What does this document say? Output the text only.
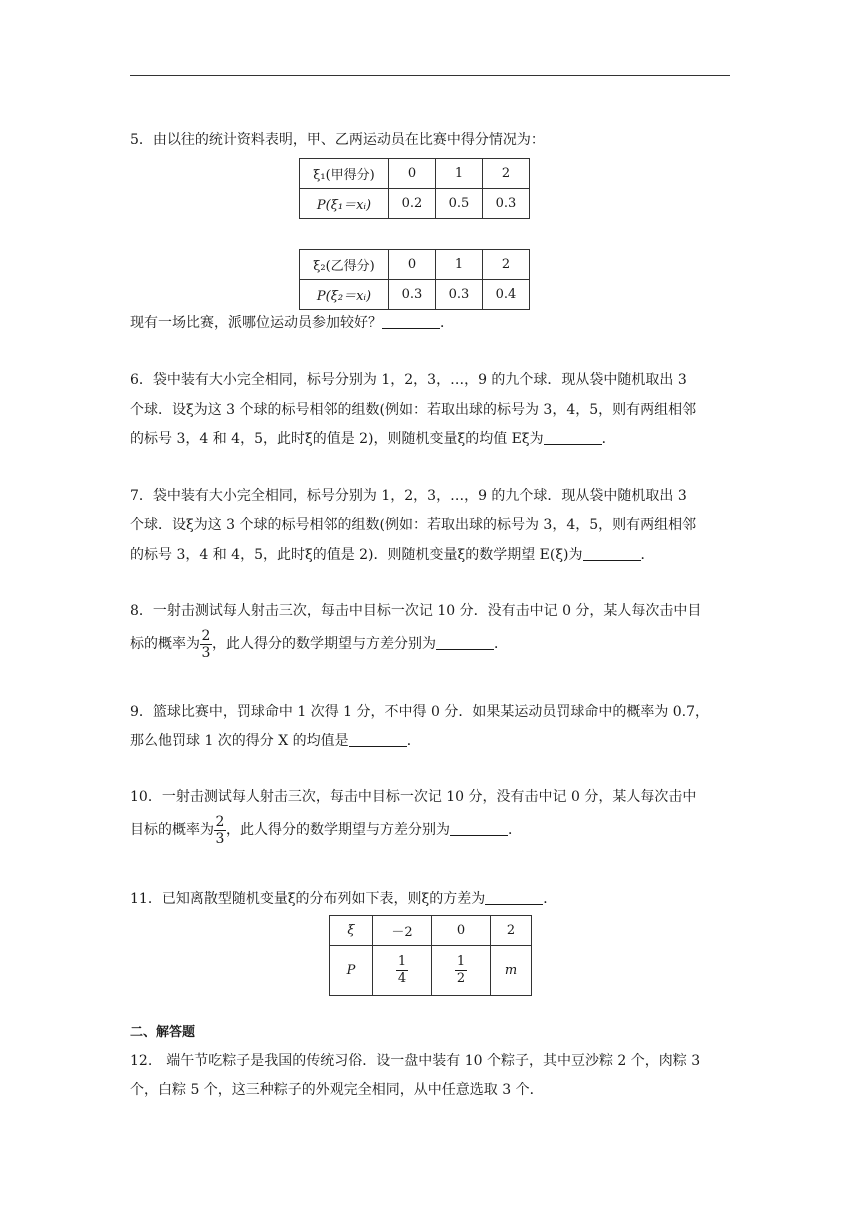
5．由以往的统计资料表明，甲、乙两运动员在比赛中得分情况为：
ξ₁(甲得分)	0	1	2
P(ξ₁＝xᵢ)	0.2	0.5	0.3
ξ₂(乙得分)	0	1	2
P(ξ₂＝xᵢ)	0.3	0.3	0.4
现有一场比赛，派哪位运动员参加较好？	．
6．袋中装有大小完全相同，标号分别为 1，2，3，…，9 的九个球．现从袋中随机取出 3
个球．设ξ为这 3 个球的标号相邻的组数(例如：若取出球的标号为 3，4，5，则有两组相邻
的标号 3，4 和 4，5，此时ξ的值是 2)，则随机变量ξ的均值 Eξ为	．
7．袋中装有大小完全相同，标号分别为 1，2，3，…，9 的九个球．现从袋中随机取出 3
个球．设ξ为这 3 个球的标号相邻的组数(例如：若取出球的标号为 3，4，5，则有两组相邻
的标号 3，4 和 4，5，此时ξ的值是 2)．则随机变量ξ的数学期望 E(ξ)为	．
8．一射击测试每人射击三次，每击中目标一次记 10 分．没有击中记 0 分，某人每次击中目
标的概率为 $\frac{2}{3}$ ，此人得分的数学期望与方差分别为	．
9．篮球比赛中，罚球命中 1 次得 1 分，不中得 0 分．如果某运动员罚球命中的概率为 0.7，
那么他罚球 1 次的得分 X 的均值是	．
10．一射击测试每人射击三次，每击中目标一次记 10 分，没有击中记 0 分，某人每次击中
目标的概率为 $\frac{2}{3}$ ，此人得分的数学期望与方差分别为	．
11．已知离散型随机变量ξ的分布列如下表，则ξ的方差为	．
ξ	－2	0	2
P	$\frac{1}{4}$	$\frac{1}{2}$	m
二、解答题
12.　端午节吃粽子是我国的传统习俗．设一盘中装有 10 个粽子，其中豆沙粽 2 个，肉粽 3
个，白粽 5 个，这三种粽子的外观完全相同，从中任意选取 3 个．
